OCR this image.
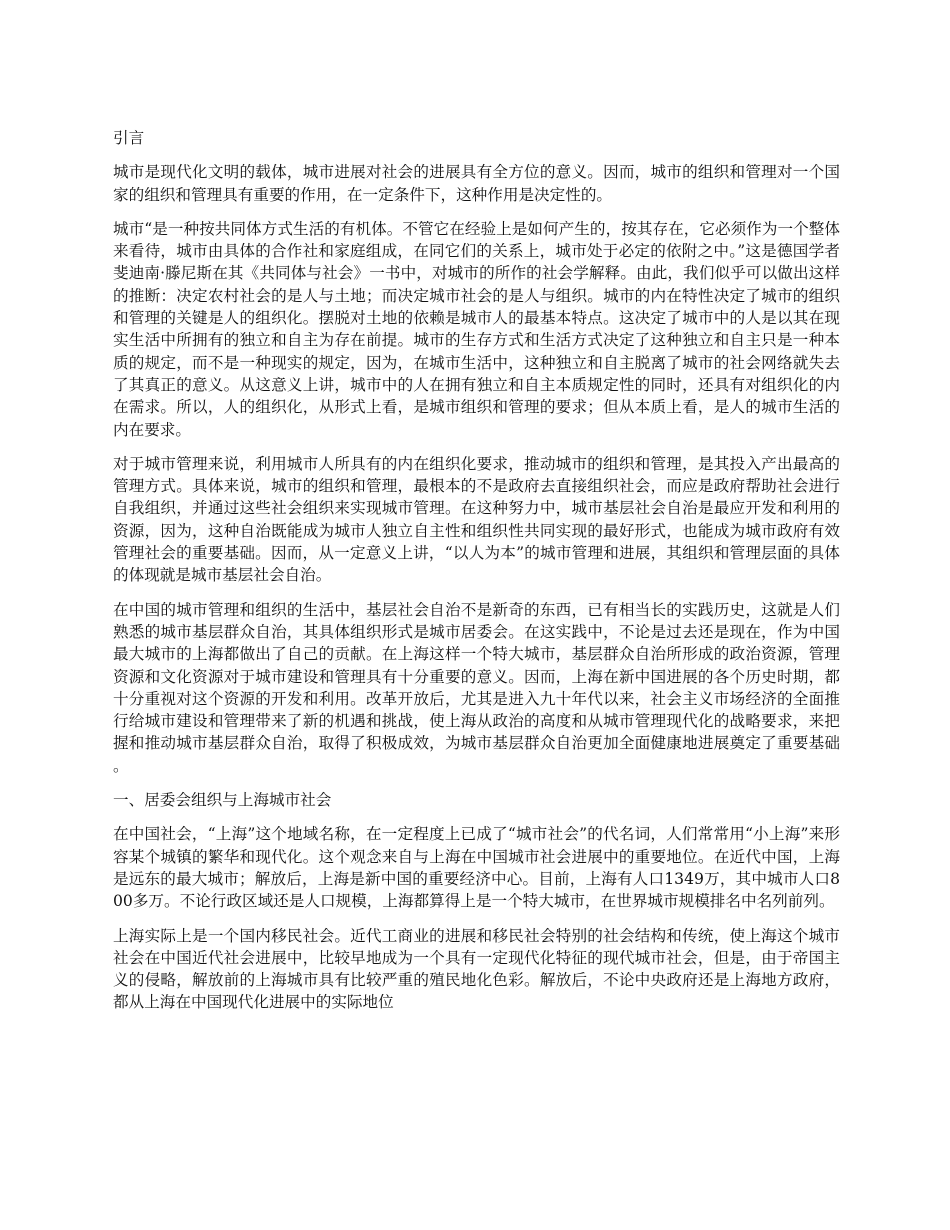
引言

城市是现代化文明的载体，城市进展对社会的进展具有全方位的意义。因而，城市的组织和管理对一个国家的组织和管理具有重要的作用，在一定条件下，这种作用是决定性的。

城市“是一种按共同体方式生活的有机体。不管它在经验上是如何产生的，按其存在，它必须作为一个整体来看待，城市由具体的合作社和家庭组成，在同它们的关系上，城市处于必定的依附之中。”这是德国学者斐迪南·滕尼斯在其《共同体与社会》一书中，对城市的所作的社会学解释。由此，我们似乎可以做出这样的推断：决定农村社会的是人与土地；而决定城市社会的是人与组织。城市的内在特性决定了城市的组织和管理的关键是人的组织化。摆脱对土地的依赖是城市人的最基本特点。这决定了城市中的人是以其在现实生活中所拥有的独立和自主为存在前提。城市的生存方式和生活方式决定了这种独立和自主只是一种本质的规定，而不是一种现实的规定，因为，在城市生活中，这种独立和自主脱离了城市的社会网络就失去了其真正的意义。从这意义上讲，城市中的人在拥有独立和自主本质规定性的同时，还具有对组织化的内在需求。所以，人的组织化，从形式上看，是城市组织和管理的要求；但从本质上看，是人的城市生活的内在要求。

对于城市管理来说，利用城市人所具有的内在组织化要求，推动城市的组织和管理，是其投入产出最高的管理方式。具体来说，城市的组织和管理，最根本的不是政府去直接组织社会，而应是政府帮助社会进行自我组织，并通过这些社会组织来实现城市管理。在这种努力中，城市基层社会自治是最应开发和利用的资源，因为，这种自治既能成为城市人独立自主性和组织性共同实现的最好形式，也能成为城市政府有效管理社会的重要基础。因而，从一定意义上讲，“以人为本”的城市管理和进展，其组织和管理层面的具体的体现就是城市基层社会自治。

在中国的城市管理和组织的生活中，基层社会自治不是新奇的东西，已有相当长的实践历史，这就是人们熟悉的城市基层群众自治，其具体组织形式是城市居委会。在这实践中，不论是过去还是现在，作为中国最大城市的上海都做出了自己的贡献。在上海这样一个特大城市，基层群众自治所形成的政治资源，管理资源和文化资源对于城市建设和管理具有十分重要的意义。因而，上海在新中国进展的各个历史时期，都十分重视对这个资源的开发和利用。改革开放后，尤其是进入九十年代以来，社会主义市场经济的全面推行给城市建设和管理带来了新的机遇和挑战，使上海从政治的高度和从城市管理现代化的战略要求，来把握和推动城市基层群众自治，取得了积极成效，为城市基层群众自治更加全面健康地进展奠定了重要基础。

一、居委会组织与上海城市社会

在中国社会，“上海”这个地域名称，在一定程度上已成了“城市社会”的代名词，人们常常用“小上海”来形容某个城镇的繁华和现代化。这个观念来自与上海在中国城市社会进展中的重要地位。在近代中国，上海是远东的最大城市；解放后，上海是新中国的重要经济中心。目前，上海有人口1349万，其中城市人口800多万。不论行政区域还是人口规模，上海都算得上是一个特大城市，在世界城市规模排名中名列前列。

上海实际上是一个国内移民社会。近代工商业的进展和移民社会特别的社会结构和传统，使上海这个城市社会在中国近代社会进展中，比较早地成为一个具有一定现代化特征的现代城市社会，但是，由于帝国主义的侵略，解放前的上海城市具有比较严重的殖民地化色彩。解放后，不论中央政府还是上海地方政府，都从上海在中国现代化进展中的实际地位
